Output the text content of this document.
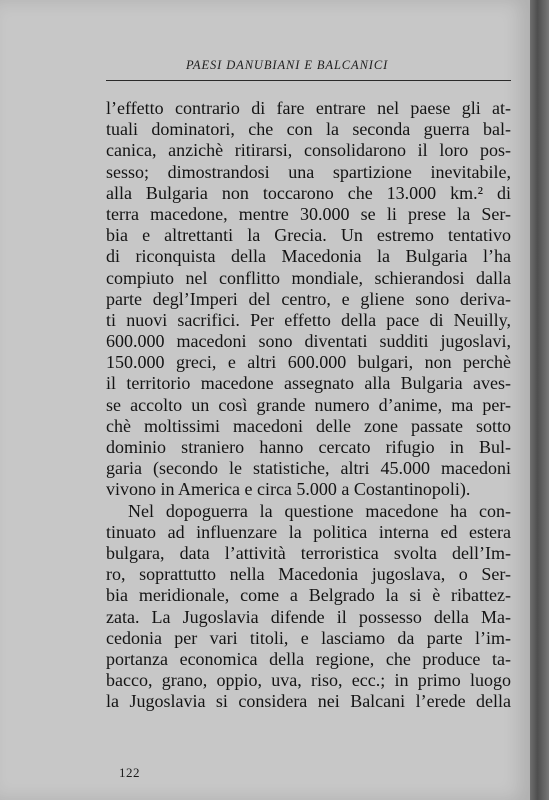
PAESI DANUBIANI E BALCANICI
l’effetto contrario di fare entrare nel paese gli at-
tuali dominatori, che con la seconda guerra bal-
canica, anzichè ritirarsi, consolidarono il loro pos-
sesso; dimostrandosi una spartizione inevitabile,
alla Bulgaria non toccarono che 13.000 km.² di
terra macedone, mentre 30.000 se li prese la Ser-
bia e altrettanti la Grecia. Un estremo tentativo
di riconquista della Macedonia la Bulgaria l’ha
compiuto nel conflitto mondiale, schierandosi dalla
parte degl’Imperi del centro, e gliene sono deriva-
ti nuovi sacrifici. Per effetto della pace di Neuilly,
600.000 macedoni sono diventati sudditi jugoslavi,
150.000 greci, e altri 600.000 bulgari, non perchè
il territorio macedone assegnato alla Bulgaria aves-
se accolto un così grande numero d’anime, ma per-
chè moltissimi macedoni delle zone passate sotto
dominio straniero hanno cercato rifugio in Bul-
garia (secondo le statistiche, altri 45.000 macedoni
vivono in America e circa 5.000 a Costantinopoli).
Nel dopoguerra la questione macedone ha con-
tinuato ad influenzare la politica interna ed estera
bulgara, data l’attività terroristica svolta dell’Im-
ro, soprattutto nella Macedonia jugoslava, o Ser-
bia meridionale, come a Belgrado la si è ribattez-
zata. La Jugoslavia difende il possesso della Ma-
cedonia per vari titoli, e lasciamo da parte l’im-
portanza economica della regione, che produce ta-
bacco, grano, oppio, uva, riso, ecc.; in primo luogo
la Jugoslavia si considera nei Balcani l’erede della
122
